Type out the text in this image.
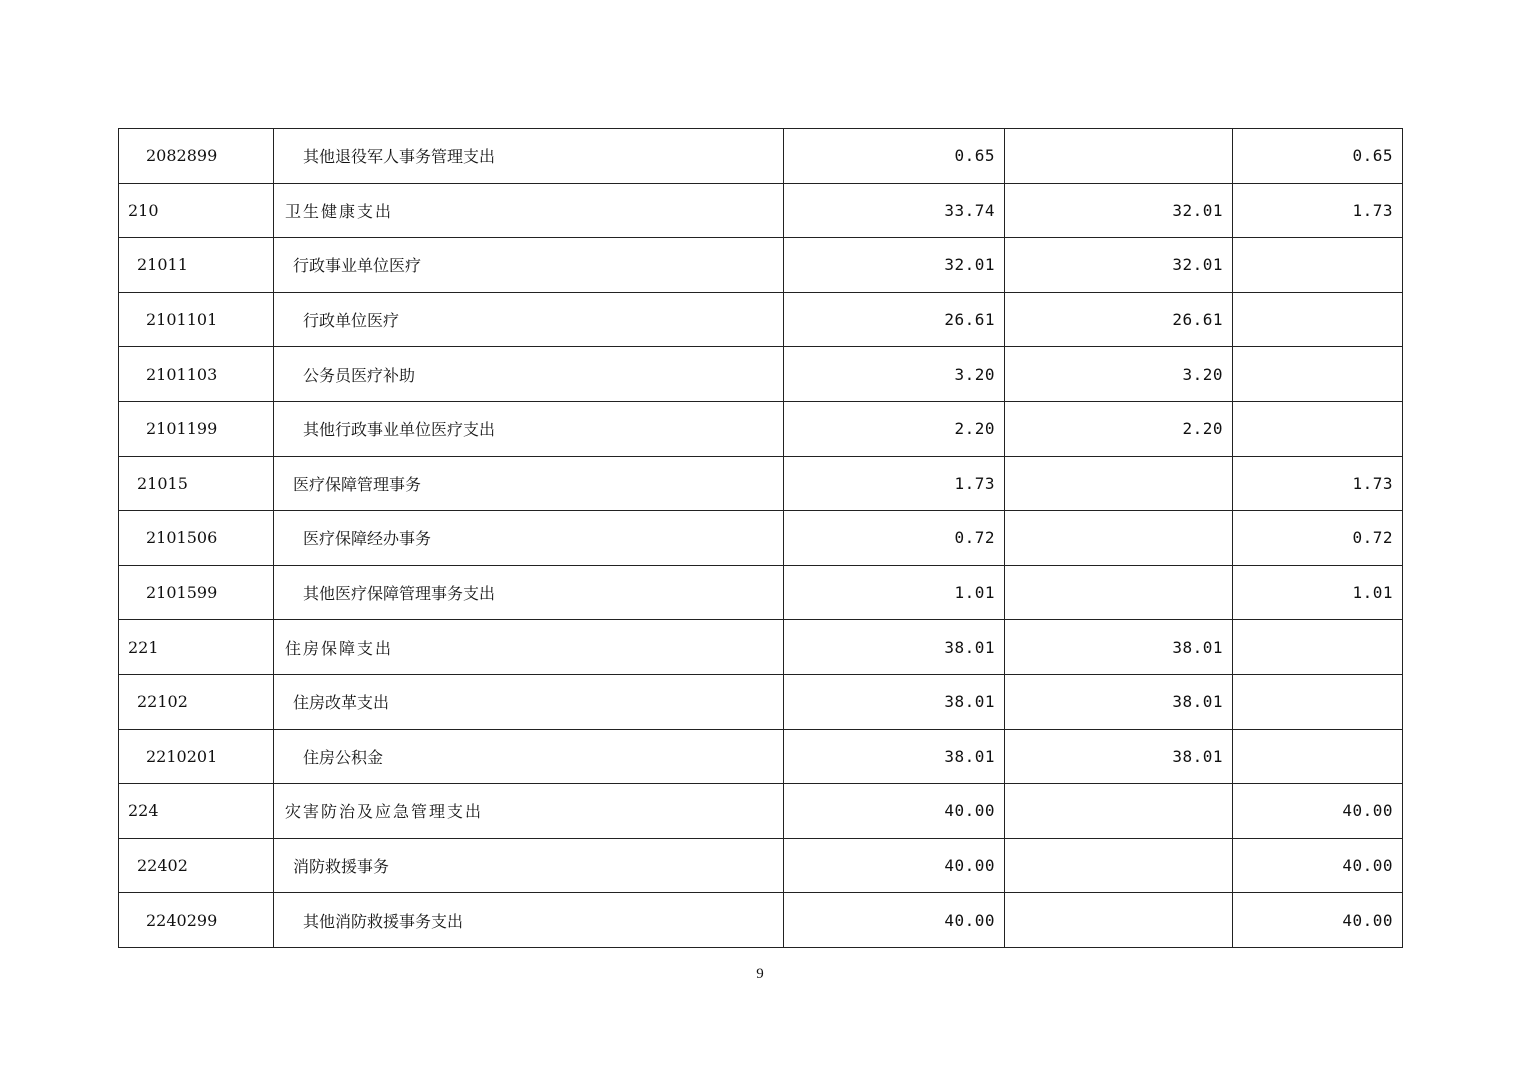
2082899	其他退役军人事务管理支出	0.65		0.65
210	卫生健康支出	33.74	32.01	1.73
21011	行政事业单位医疗	32.01	32.01	
2101101	行政单位医疗	26.61	26.61	
2101103	公务员医疗补助	3.20	3.20	
2101199	其他行政事业单位医疗支出	2.20	2.20	
21015	医疗保障管理事务	1.73		1.73
2101506	医疗保障经办事务	0.72		0.72
2101599	其他医疗保障管理事务支出	1.01		1.01
221	住房保障支出	38.01	38.01	
22102	住房改革支出	38.01	38.01	
2210201	住房公积金	38.01	38.01	
224	灾害防治及应急管理支出	40.00		40.00
22402	消防救援事务	40.00		40.00
2240299	其他消防救援事务支出	40.00		40.00
9
